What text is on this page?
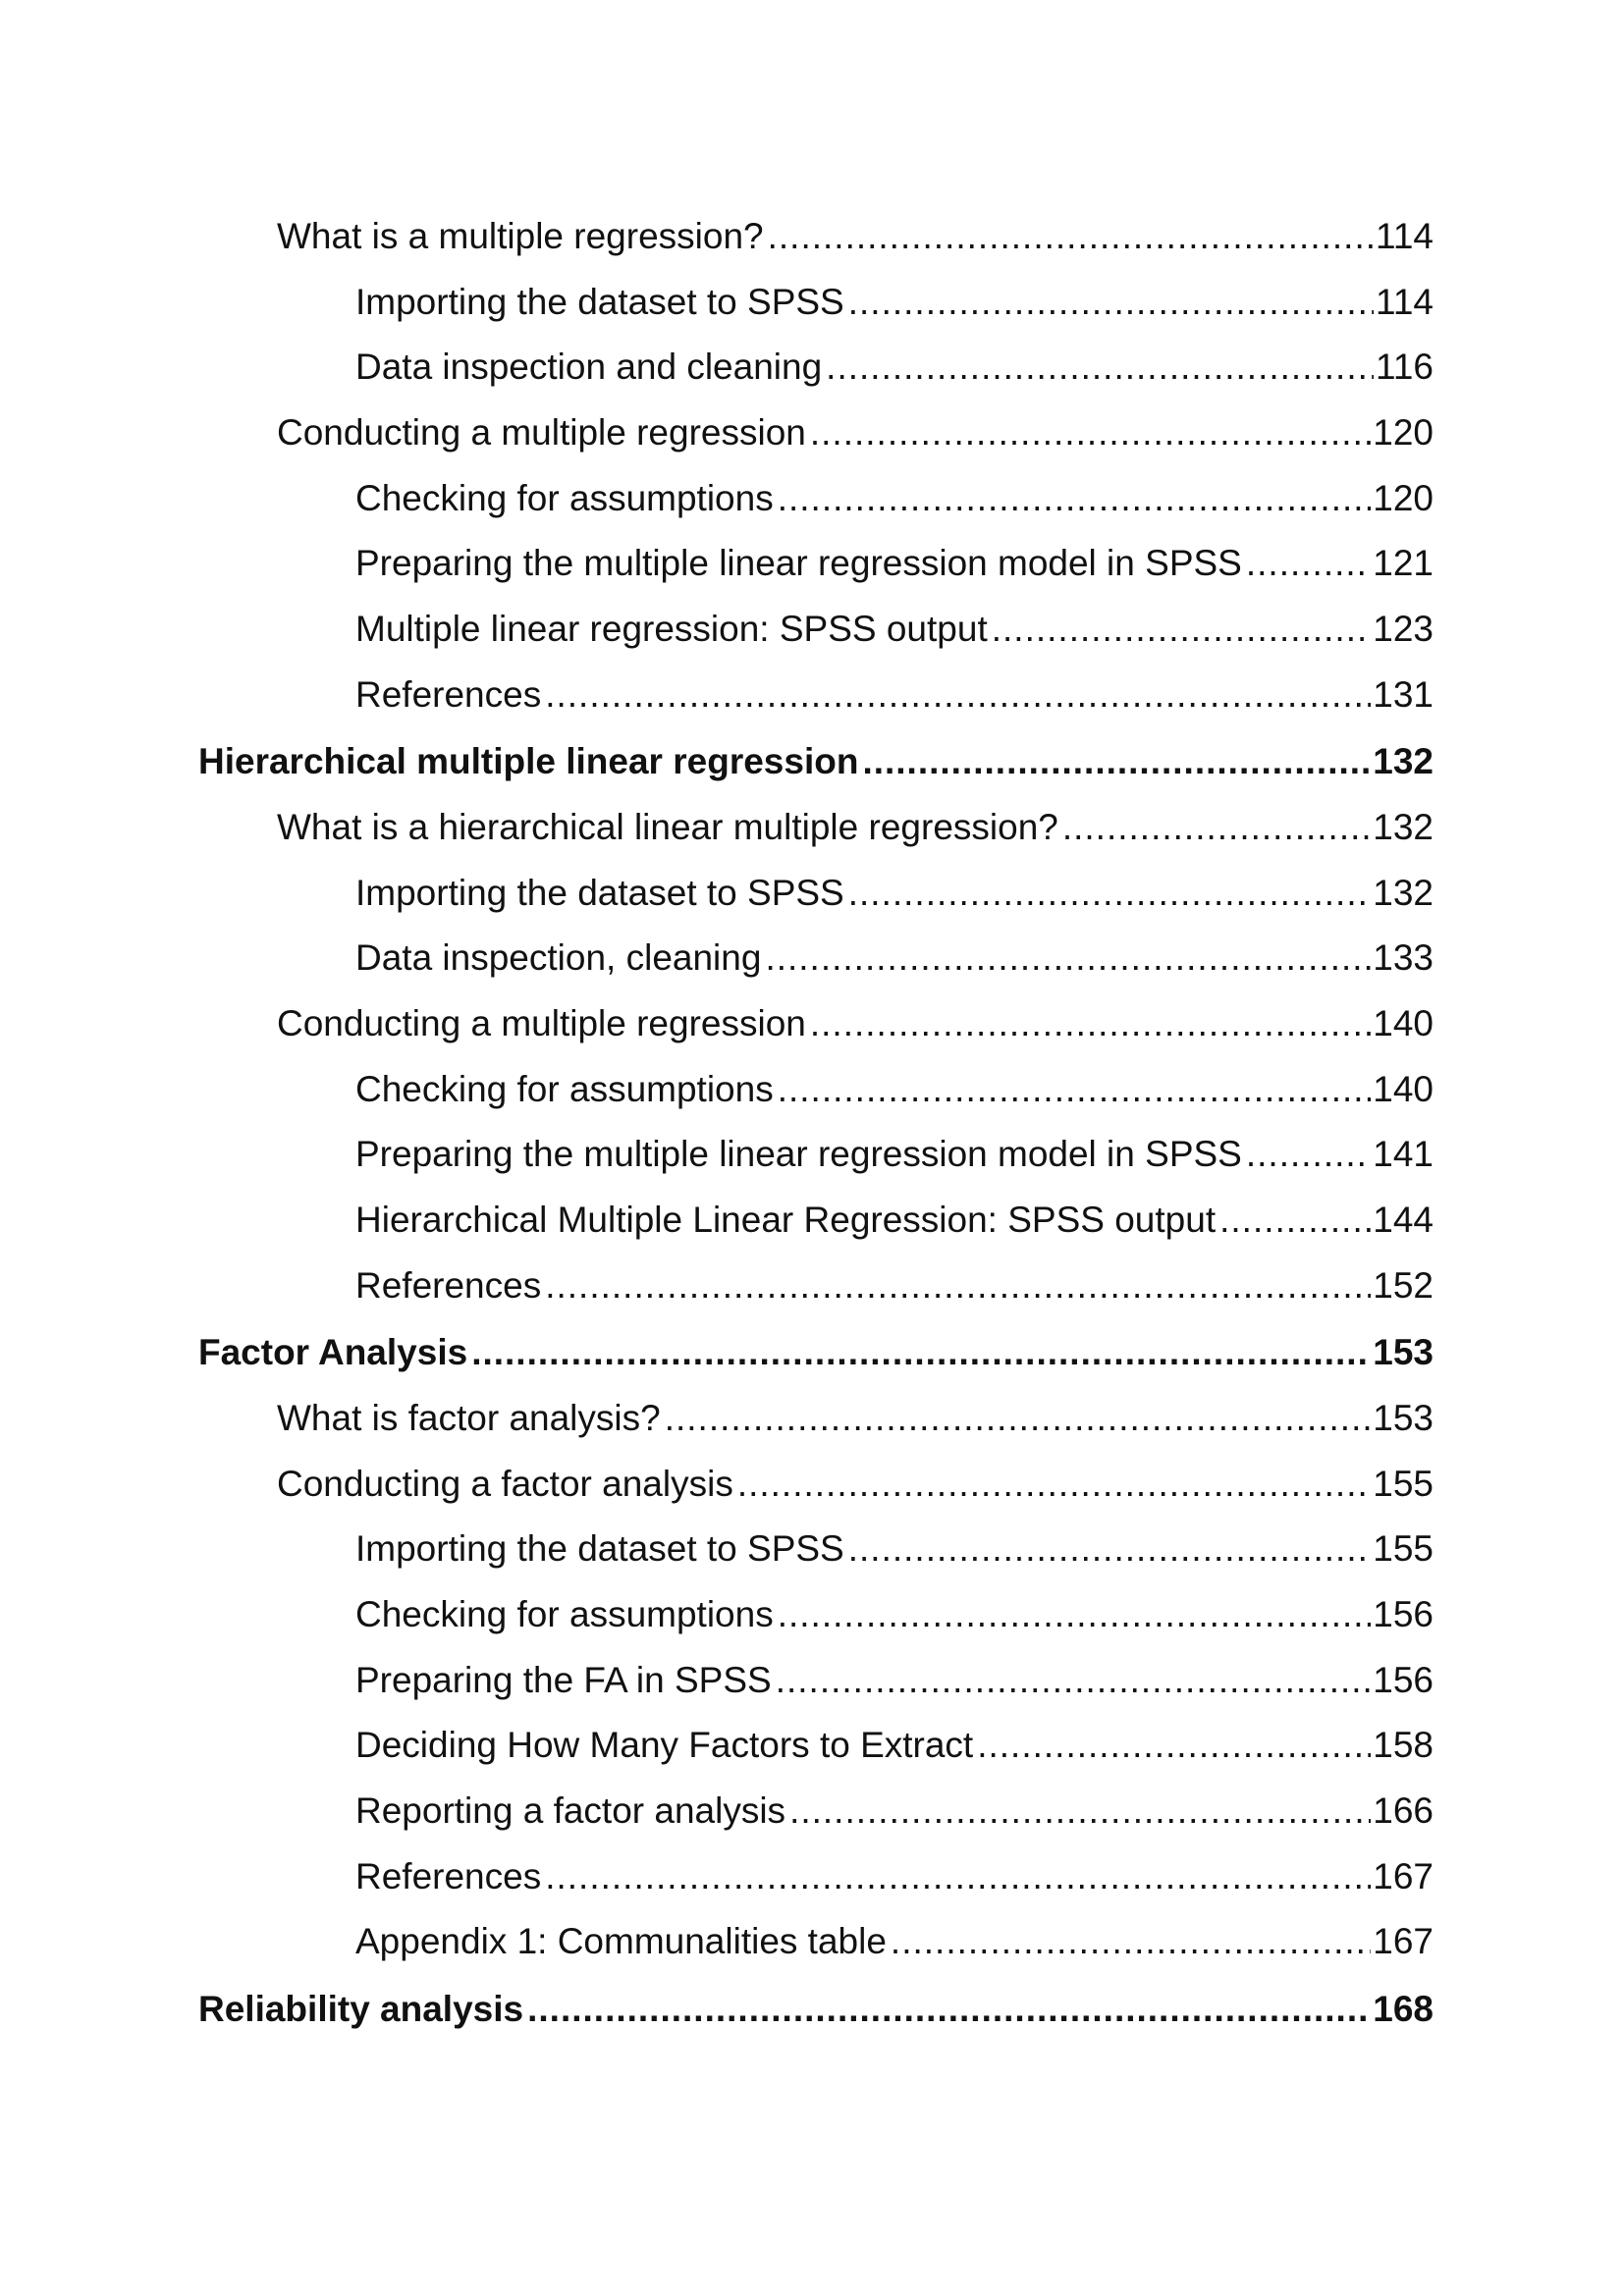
What is a multiple regression? .....	114
Importing the dataset to SPSS .....	114
Data inspection and cleaning .....	116
Conducting a multiple regression .....	120
Checking for assumptions .....	120
Preparing the multiple linear regression model in SPSS .....	121
Multiple linear regression: SPSS output .....	123
References .....	131
Hierarchical multiple linear regression .....	132
What is a hierarchical linear multiple regression? .....	132
Importing the dataset to SPSS .....	132
Data inspection, cleaning .....	133
Conducting a multiple regression .....	140
Checking for assumptions .....	140
Preparing the multiple linear regression model in SPSS .....	141
Hierarchical Multiple Linear Regression: SPSS output .....	144
References .....	152
Factor Analysis .....	153
What is factor analysis? .....	153
Conducting a factor analysis .....	155
Importing the dataset to SPSS .....	155
Checking for assumptions .....	156
Preparing the FA in SPSS .....	156
Deciding How Many Factors to Extract .....	158
Reporting a factor analysis .....	166
References .....	167
Appendix 1: Communalities table .....	167
Reliability analysis .....	168
